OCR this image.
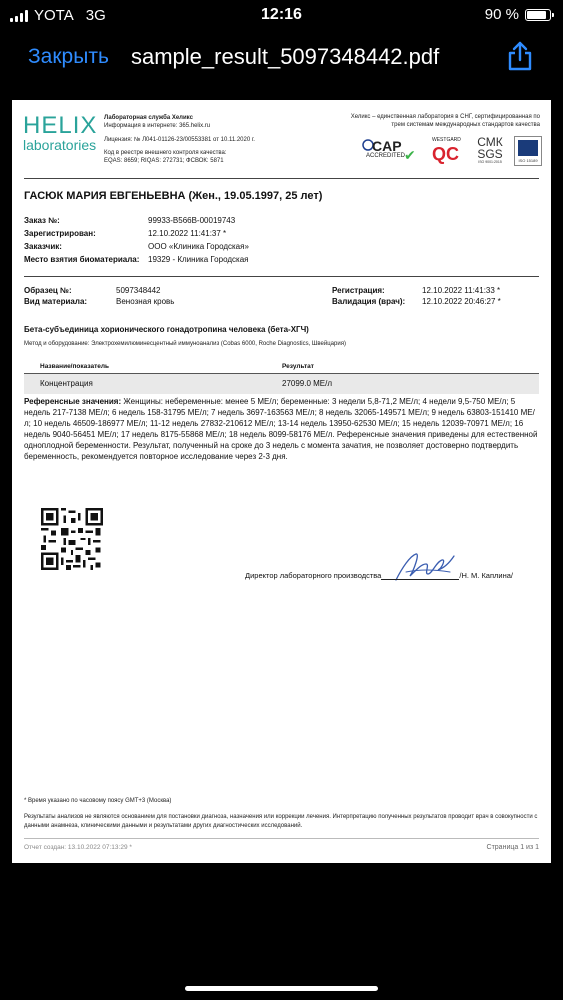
YOTA 3G	12:16	90 %
Закрыть sample_result_5097348442.pdf
HELIX
laboratories
Лабораторная служба Хеликс
Информация в интернете: 365.helix.ru
Лицензия: № Л041-01126-23/00553381 от 10.11.2020 г.
Код в реестре внешнего контроля качества:
EQAS: 8659; RIQAS: 272731; ФСВОК: 5871
Хеликс – единственная лаборатория в СНГ, сертифицированная по трем системам международных стандартов качества
CAP
ACCREDITED
✔
WESTGARD
QC
СМК
SGS
ISO 9001:2015	ISO 15189
ГАСЮК МАРИЯ ЕВГЕНЬЕВНА (Жен., 19.05.1997, 25 лет)
Заказ №:	99933-B566B-00019743
Зарегистрирован:	12.10.2022 11:41:37 *
Заказчик:	ООО «Клиника Городская»
Место взятия биоматериала: 19329 - Клиника Городская
Образец №:	5097348442
Вид материала:	Венозная кровь
Регистрация:	12.10.2022 11:41:33 *
Валидация (врач): 12.10.2022 20:46:27 *
Бета-субъединица хорионического гонадотропина человека (бета-ХГЧ)
Метод и оборудование: Электрохемилюминесцентный иммуноанализ (Cobas 6000, Roche Diagnostics, Швейцария)
Название/показатель	Результат
Концентрация	27099.0 МЕ/л
Референсные значения: Женщины: небеременные: менее 5 МЕ/л; беременные: 3 недели 5,8-71,2 МЕ/л; 4 недели 9,5-750 МЕ/л; 5 недель 217-7138 МЕ/л; 6 недель 158-31795 МЕ/л; 7 недель 3697-163563 МЕ/л; 8 недель 32065-149571 МЕ/л; 9 недель 63803-151410 МЕ/л; 10 недель 46509-186977 МЕ/л; 11-12 недель 27832-210612 МЕ/л; 13-14 недель 13950-62530 МЕ/л; 15 недель 12039-70971 МЕ/л; 16 недель 9040-56451 МЕ/л; 17 недель 8175-55868 МЕ/л; 18 недель 8099-58176 МЕ/л. Референсные значения приведены для естественной одноплодной беременности. Результат, полученный на сроке до 3 недель с момента зачатия, не позволяет достоверно подтвердить беременность, рекомендуется повторное исследование через 2-3 дня.
Директор лабораторного производства	/Н. М. Каплина/
* Время указано по часовому поясу GMT+3 (Москва)
Результаты анализов не являются основанием для постановки диагноза, назначения или коррекции лечения. Интерпретацию полученных результатов проводит врач в совокупности с данными анамнеза, клиническими данными и результатами других диагностических исследований.
Отчет создан: 13.10.2022 07:13:29 *	Страница 1 из 1
